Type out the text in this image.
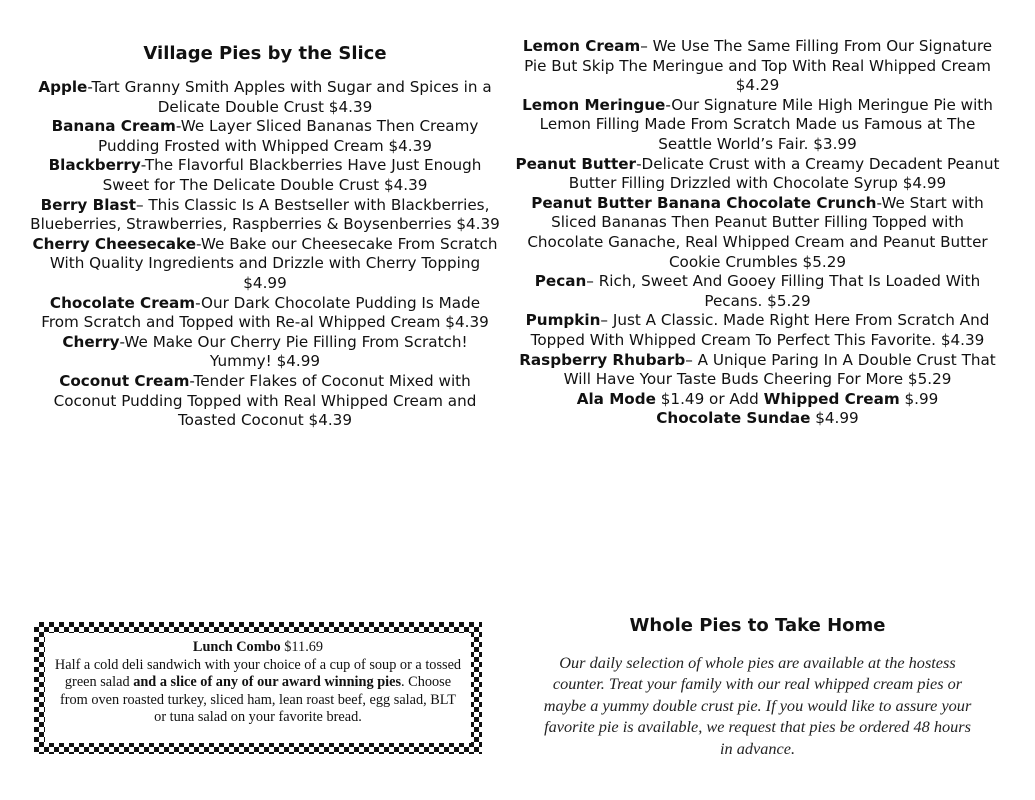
Village Pies by the Slice

Apple-Tart Granny Smith Apples with Sugar and Spices in a Delicate Double Crust $4.39

Banana Cream-We Layer Sliced Bananas Then Creamy Pudding Frosted with Whipped Cream $4.39

Blackberry-The Flavorful Blackberries Have Just Enough Sweet for The Delicate Double Crust $4.39

Berry Blast– This Classic Is A Bestseller with Blackberries, Blueberries, Strawberries, Raspberries & Boysenberries $4.39

Cherry Cheesecake-We Bake our Cheesecake From Scratch With Quality Ingredients and Drizzle with Cherry Topping $4.99

Chocolate Cream-Our Dark Chocolate Pudding Is Made From Scratch and Topped with Re-al Whipped Cream $4.39

Cherry-We Make Our Cherry Pie Filling From Scratch! Yummy! $4.99

Coconut Cream-Tender Flakes of Coconut Mixed with Coconut Pudding Topped with Real Whipped Cream and Toasted Coconut $4.39

Lemon Cream– We Use The Same Filling From Our Signature Pie But Skip The Meringue and Top With Real Whipped Cream $4.29

Lemon Meringue-Our Signature Mile High Meringue Pie with Lemon Filling Made From Scratch Made us Famous at The Seattle World’s Fair. $3.99

Peanut Butter-Delicate Crust with a Creamy Decadent Peanut Butter Filling Drizzled with Chocolate Syrup $4.99

Peanut Butter Banana Chocolate Crunch-We Start with Sliced Bananas Then Peanut Butter Filling Topped with Chocolate Ganache, Real Whipped Cream and Peanut Butter Cookie Crumbles $5.29

Pecan– Rich, Sweet And Gooey Filling That Is Loaded With Pecans. $5.29

Pumpkin– Just A Classic. Made Right Here From Scratch And Topped With Whipped Cream To Perfect This Favorite. $4.39

Raspberry Rhubarb– A Unique Paring In A Double Crust That Will Have Your Taste Buds Cheering For More $5.29

Ala Mode $1.49 or Add Whipped Cream $.99
Chocolate Sundae $4.99
Lunch Combo $11.69
Half a cold deli sandwich with your choice of a cup of soup or a tossed green salad and a slice of any of our award winning pies. Choose from oven roasted turkey, sliced ham, lean roast beef, egg salad, BLT or tuna salad on your favorite bread.
Whole Pies to Take Home
Our daily selection of whole pies are available at the hostess counter. Treat your family with our real whipped cream pies or maybe a yummy double crust pie. If you would like to assure your favorite pie is available, we request that pies be ordered 48 hours in advance.
